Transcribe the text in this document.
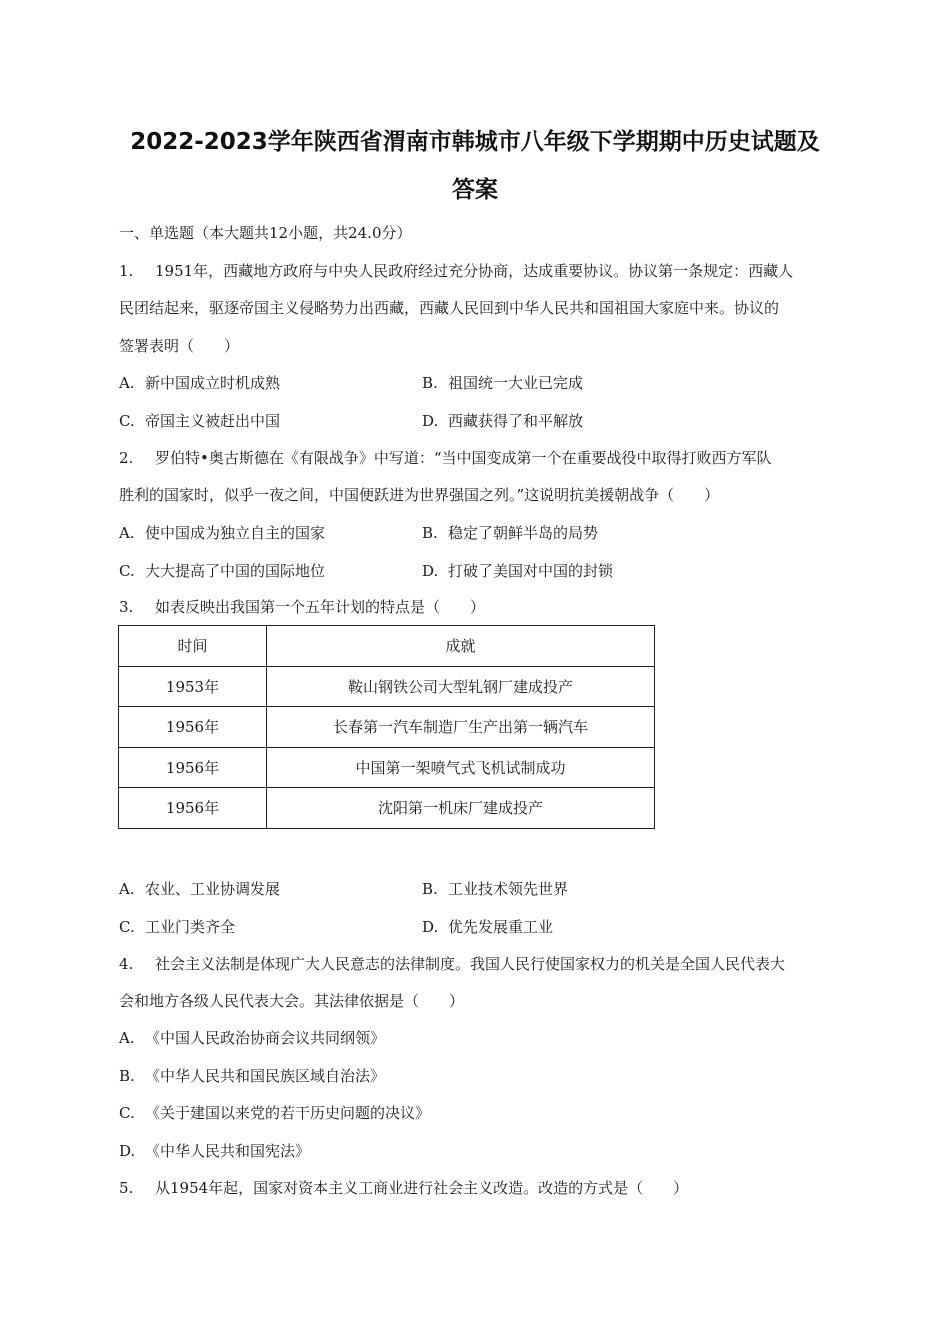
2022-2023学年陕西省渭南市韩城市八年级下学期期中历史试题及
答案
一、单选题（本大题共12小题，共24.0分）
1. 1951年，西藏地方政府与中央人民政府经过充分协商，达成重要协议。协议第一条规定：西藏人
民团结起来，驱逐帝国主义侵略势力出西藏，西藏人民回到中华人民共和国祖国大家庭中来。协议的
签署表明（　　）
A. 新中国成立时机成熟	B. 祖国统一大业已完成
C. 帝国主义被赶出中国	D. 西藏获得了和平解放
2. 罗伯特•奥古斯德在《有限战争》中写道：“当中国变成第一个在重要战役中取得打败西方军队
胜利的国家时，似乎一夜之间，中国便跃进为世界强国之列。”这说明抗美援朝战争（　　）
A. 使中国成为独立自主的国家	B. 稳定了朝鲜半岛的局势
C. 大大提高了中国的国际地位	D. 打破了美国对中国的封锁
3. 如表反映出我国第一个五年计划的特点是（　　）
时间	成就
1953年	鞍山钢铁公司大型轧钢厂建成投产
1956年	长春第一汽车制造厂生产出第一辆汽车
1956年	中国第一架喷气式飞机试制成功
1956年	沈阳第一机床厂建成投产
A. 农业、工业协调发展	B. 工业技术领先世界
C. 工业门类齐全	D. 优先发展重工业
4. 社会主义法制是体现广大人民意志的法律制度。我国人民行使国家权力的机关是全国人民代表大
会和地方各级人民代表大会。其法律依据是（　　）
A. 《中国人民政治协商会议共同纲领》
B. 《中华人民共和国民族区域自治法》
C. 《关于建国以来党的若干历史问题的决议》
D. 《中华人民共和国宪法》
5. 从1954年起，国家对资本主义工商业进行社会主义改造。改造的方式是（　　）
